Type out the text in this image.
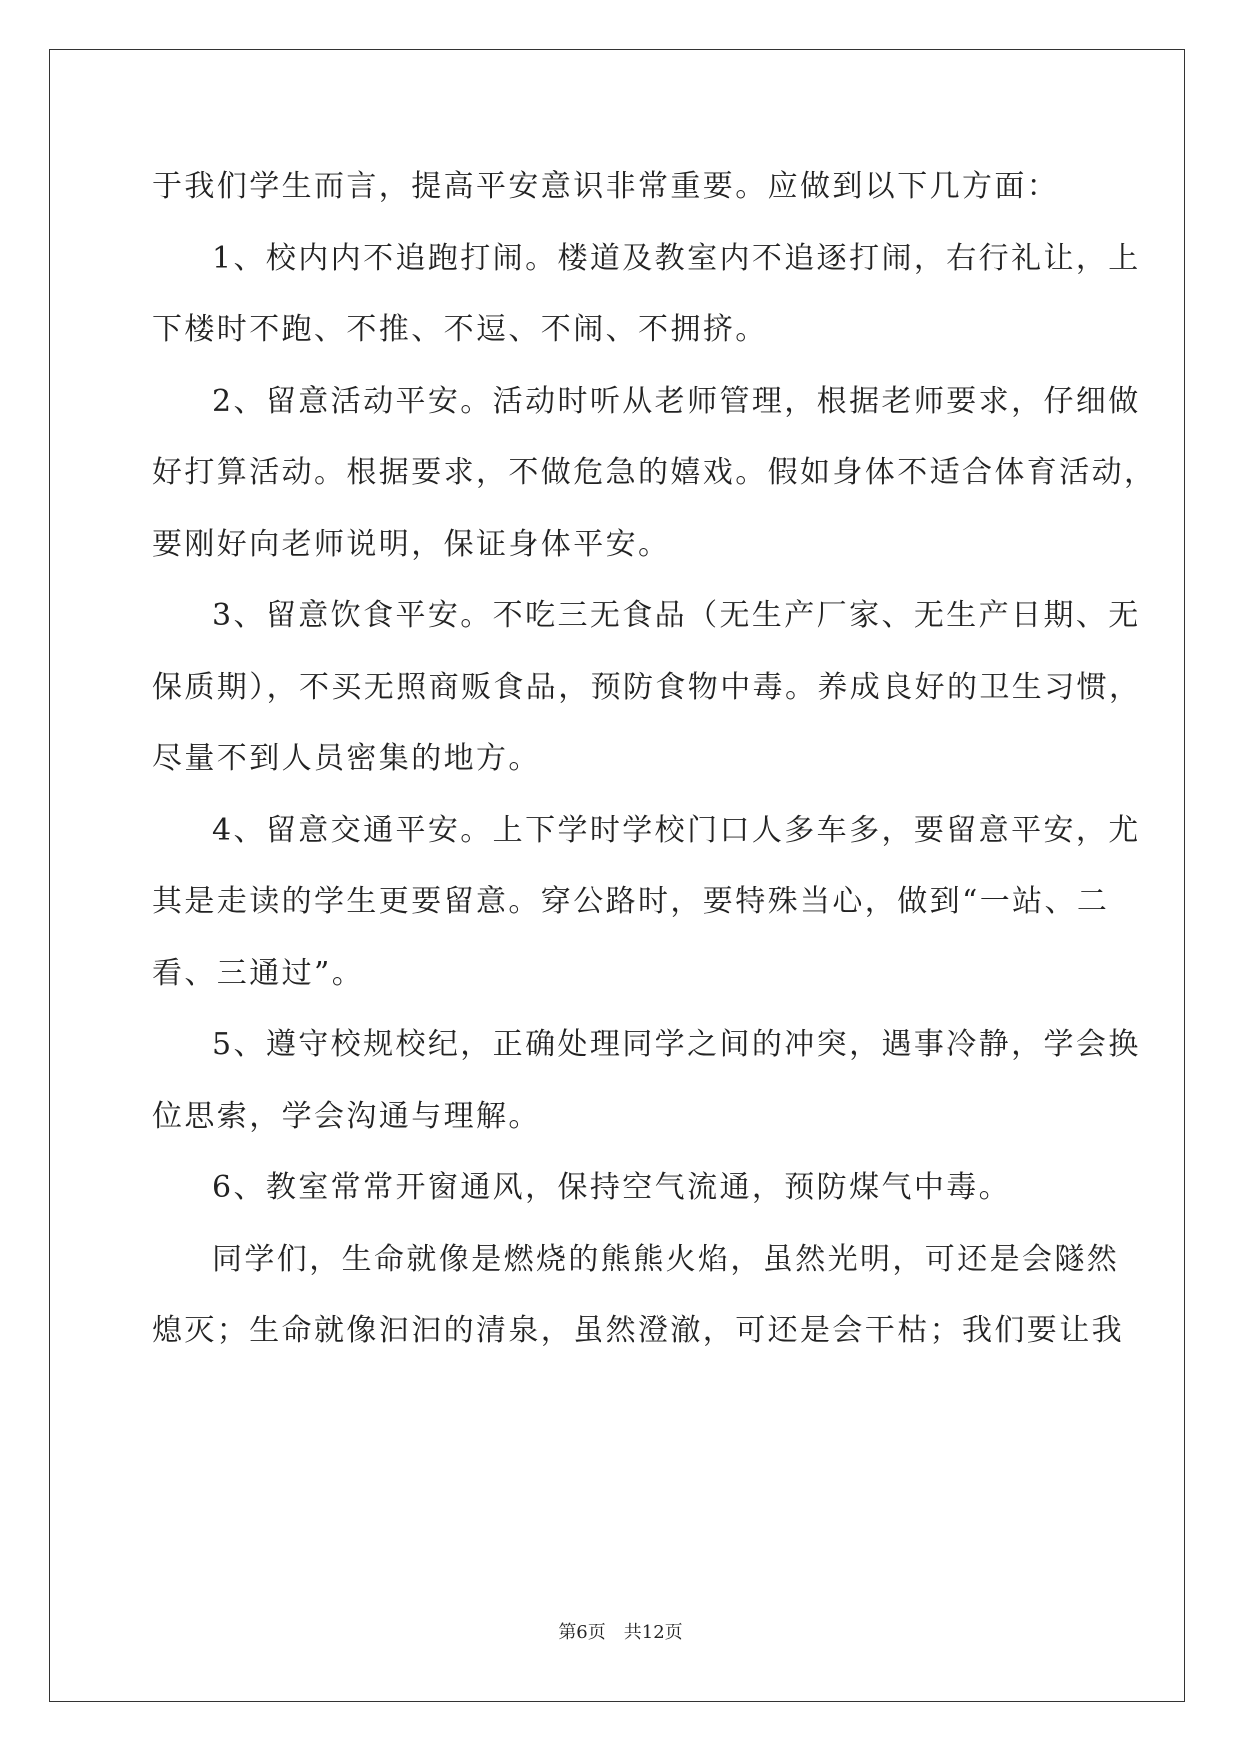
于我们学生而言，提高平安意识非常重要。应做到以下几方面：
1、校内内不追跑打闹。楼道及教室内不追逐打闹，右行礼让，上
下楼时不跑、不推、不逗、不闹、不拥挤。
2、留意活动平安。活动时听从老师管理，根据老师要求，仔细做
好打算活动。根据要求，不做危急的嬉戏。假如身体不适合体育活动，
要刚好向老师说明，保证身体平安。
3、留意饮食平安。不吃三无食品（无生产厂家、无生产日期、无
保质期），不买无照商贩食品，预防食物中毒。养成良好的卫生习惯，
尽量不到人员密集的地方。
4、留意交通平安。上下学时学校门口人多车多，要留意平安，尤
其是走读的学生更要留意。穿公路时，要特殊当心，做到“一站、二
看、三通过”。
5、遵守校规校纪，正确处理同学之间的冲突，遇事冷静，学会换
位思索，学会沟通与理解。
6、教室常常开窗通风，保持空气流通，预防煤气中毒。
同学们，生命就像是燃烧的熊熊火焰，虽然光明，可还是会隧然
熄灭；生命就像汩汩的清泉，虽然澄澈，可还是会干枯；我们要让我
第6页 共12页
